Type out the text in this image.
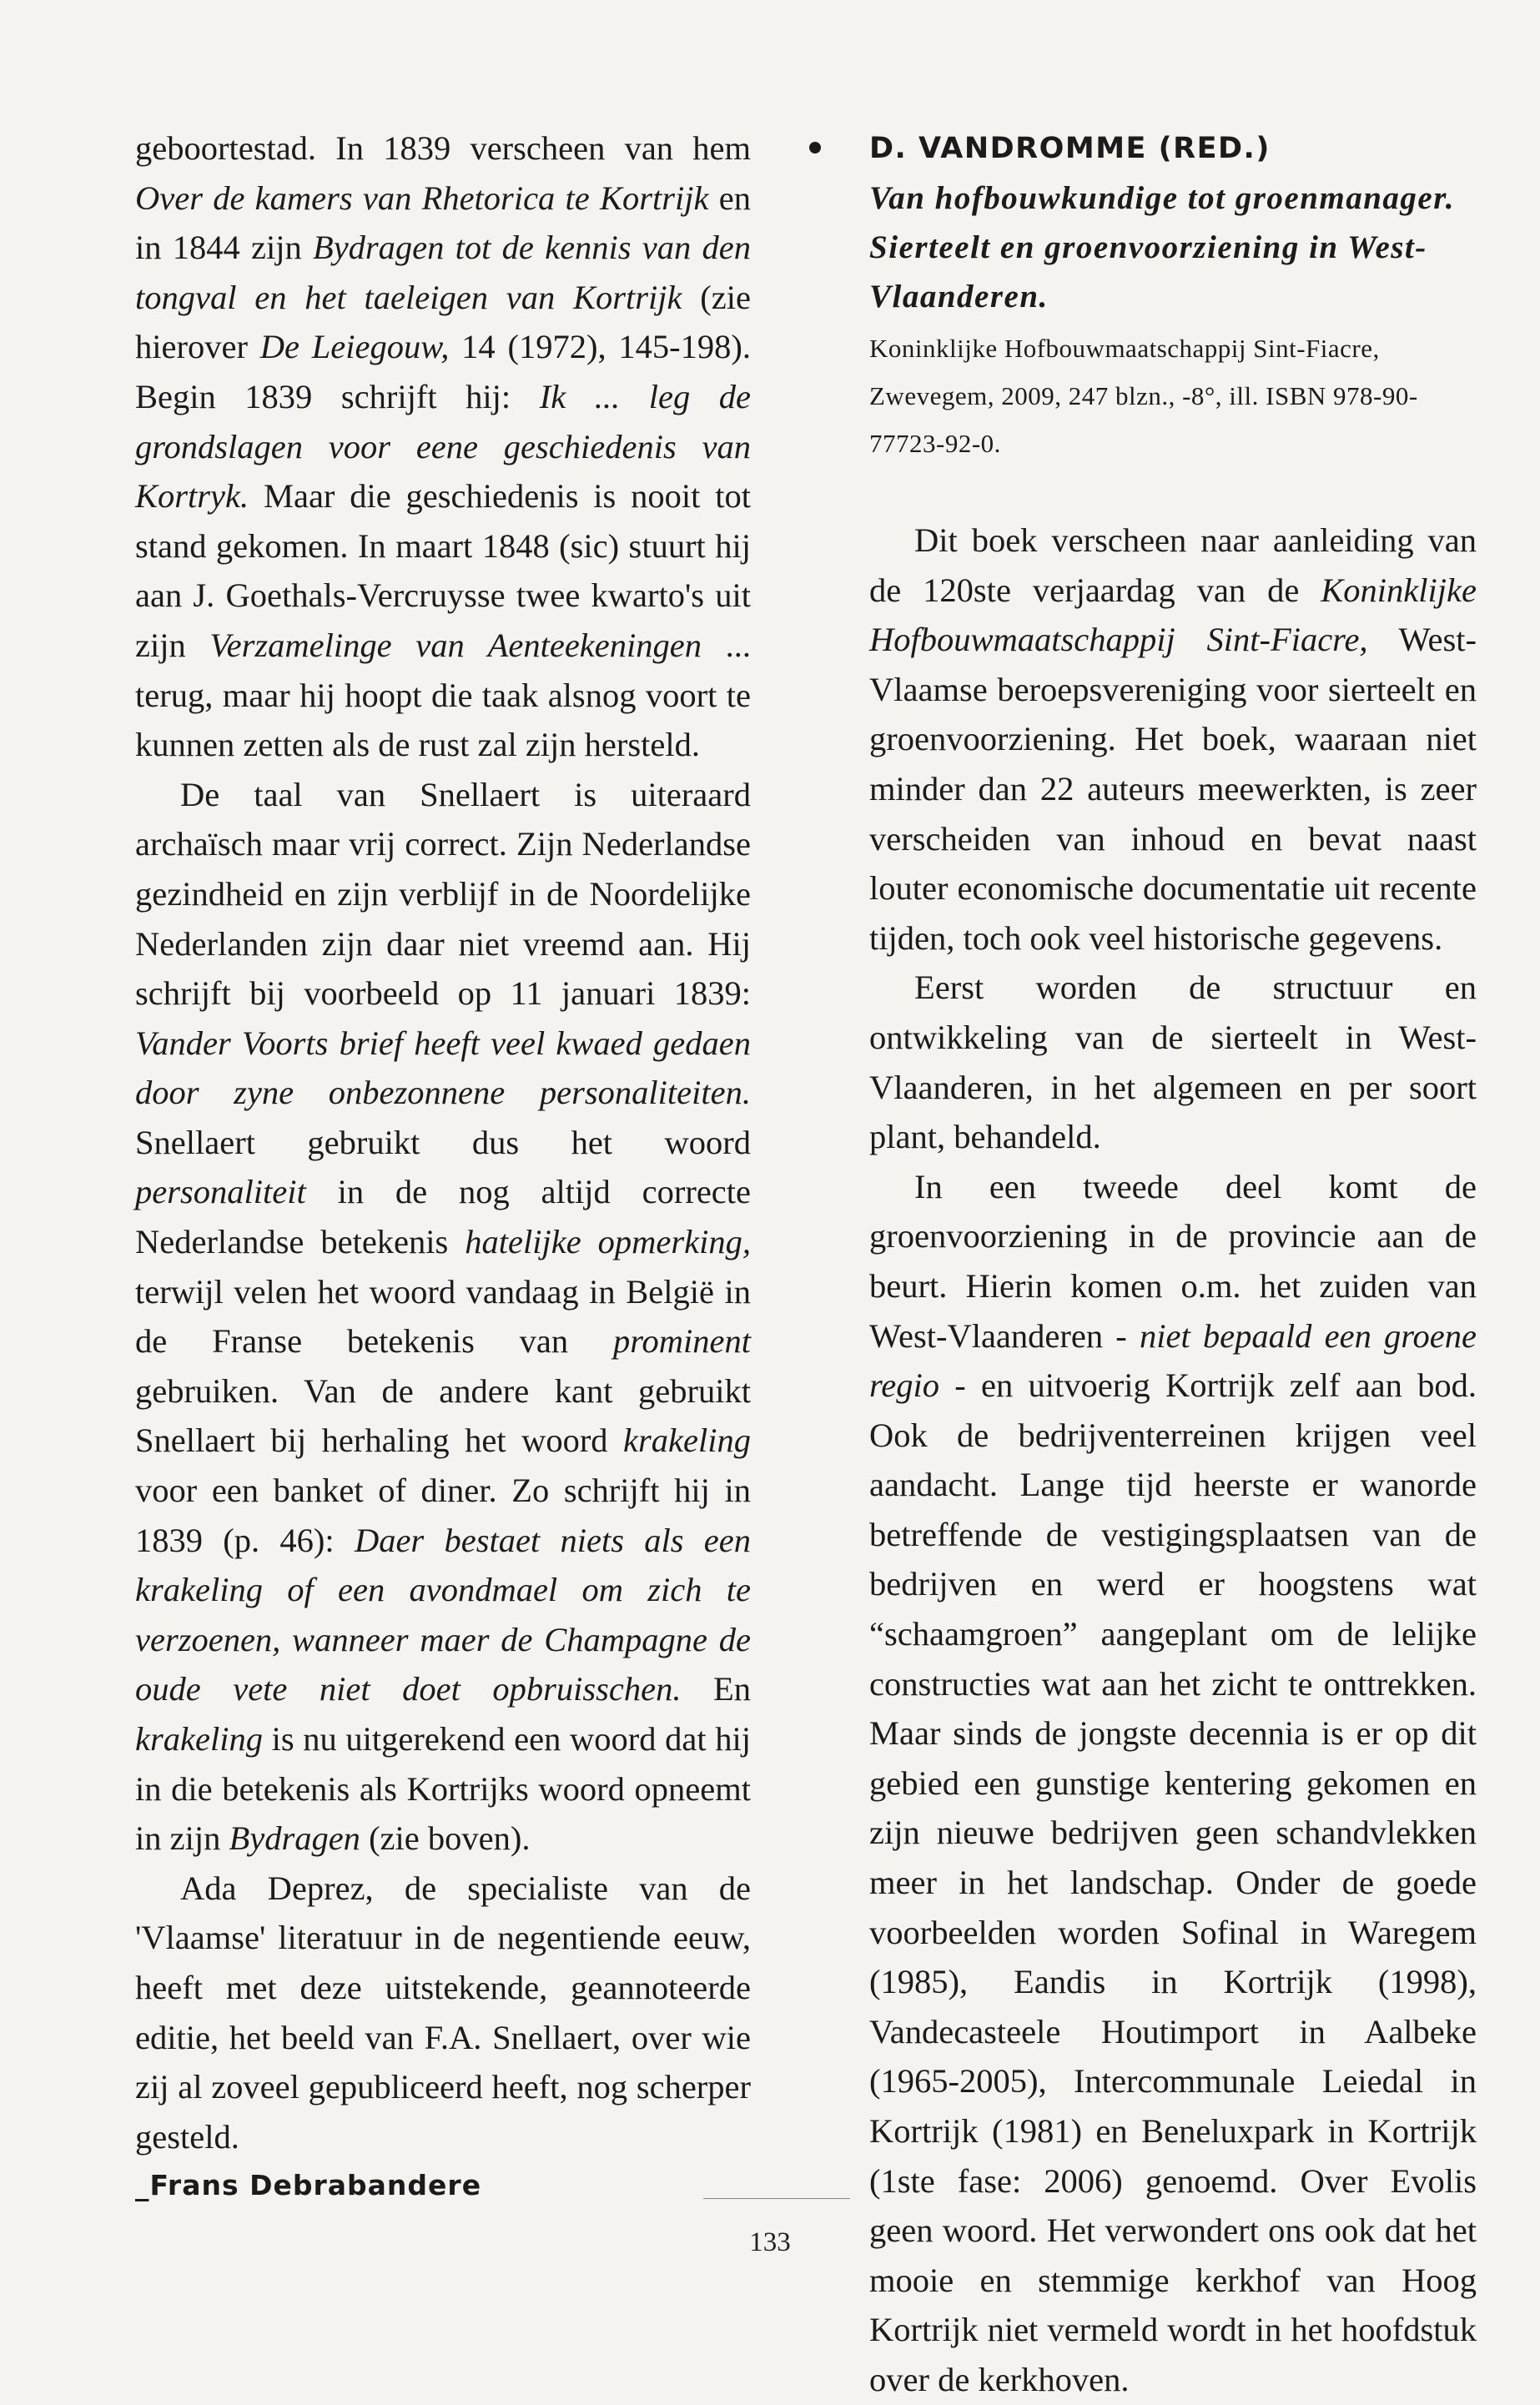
geboortestad. In 1839 verscheen van hem Over de kamers van Rhetorica te Kortrijk en in 1844 zijn Bydragen tot de kennis van den tongval en het taeleigen van Kortrijk (zie hierover De Leiegouw, 14 (1972), 145-198). Begin 1839 schrijft hij: Ik ... leg de grondslagen voor eene geschiedenis van Kortryk. Maar die geschiedenis is nooit tot stand gekomen. In maart 1848 (sic) stuurt hij aan J. Goethals-Vercruysse twee kwarto's uit zijn Verzamelinge van Aenteekeningen ... terug, maar hij hoopt die taak alsnog voort te kunnen zetten als de rust zal zijn hersteld.

De taal van Snellaert is uiteraard archaïsch maar vrij correct. Zijn Nederlandse gezindheid en zijn verblijf in de Noordelijke Nederlanden zijn daar niet vreemd aan. Hij schrijft bij voorbeeld op 11 januari 1839: Vander Voorts brief heeft veel kwaed gedaen door zyne onbezonnene personaliteiten. Snellaert gebruikt dus het woord personaliteit in de nog altijd correcte Nederlandse betekenis hatelijke opmerking, terwijl velen het woord vandaag in België in de Franse betekenis van prominent gebruiken. Van de andere kant gebruikt Snellaert bij herhaling het woord krakeling voor een banket of diner. Zo schrijft hij in 1839 (p. 46): Daer bestaet niets als een krakeling of een avondmael om zich te verzoenen, wanneer maer de Champagne de oude vete niet doet opbruisschen. En krakeling is nu uitgerekend een woord dat hij in die betekenis als Kortrijks woord opneemt in zijn Bydragen (zie boven).

Ada Deprez, de specialiste van de 'Vlaamse' literatuur in de negentiende eeuw, heeft met deze uitstekende, geannoteerde editie, het beeld van F.A. Snellaert, over wie zij al zoveel gepubliceerd heeft, nog scherper gesteld.

_Frans Debrabandere

D. VANDROMME (RED.)

Van hofbouwkundige tot groenmanager. Sierteelt en groenvoorziening in West-Vlaanderen.

Koninklijke Hofbouwmaatschappij Sint-Fiacre, Zwevegem, 2009, 247 blzn., -8°, ill. ISBN 978-90-77723-92-0.

Dit boek verscheen naar aanleiding van de 120ste verjaardag van de Koninklijke Hofbouwmaatschappij Sint-Fiacre, West-Vlaamse beroepsvereniging voor sierteelt en groenvoorziening. Het boek, waaraan niet minder dan 22 auteurs meewerkten, is zeer verscheiden van inhoud en bevat naast louter economische documentatie uit recente tijden, toch ook veel historische gegevens.

Eerst worden de structuur en ontwikkeling van de sierteelt in West-Vlaanderen, in het algemeen en per soort plant, behandeld.

In een tweede deel komt de groenvoorziening in de provincie aan de beurt. Hierin komen o.m. het zuiden van West-Vlaanderen - niet bepaald een groene regio - en uitvoerig Kortrijk zelf aan bod. Ook de bedrijventerreinen krijgen veel aandacht. Lange tijd heerste er wanorde betreffende de vestigingsplaatsen van de bedrijven en werd er hoogstens wat “schaamgroen” aangeplant om de lelijke constructies wat aan het zicht te onttrekken. Maar sinds de jongste decennia is er op dit gebied een gunstige kentering gekomen en zijn nieuwe bedrijven geen schandvlekken meer in het landschap. Onder de goede voorbeelden worden Sofinal in Waregem (1985), Eandis in Kortrijk (1998), Vandecasteele Houtimport in Aalbeke (1965-2005), Intercommunale Leiedal in Kortrijk (1981) en Beneluxpark in Kortrijk (1ste fase: 2006) genoemd. Over Evolis geen woord. Het verwondert ons ook dat het mooie en stemmige kerkhof van Hoog Kortrijk niet vermeld wordt in het hoofdstuk over de kerkhoven.

133
